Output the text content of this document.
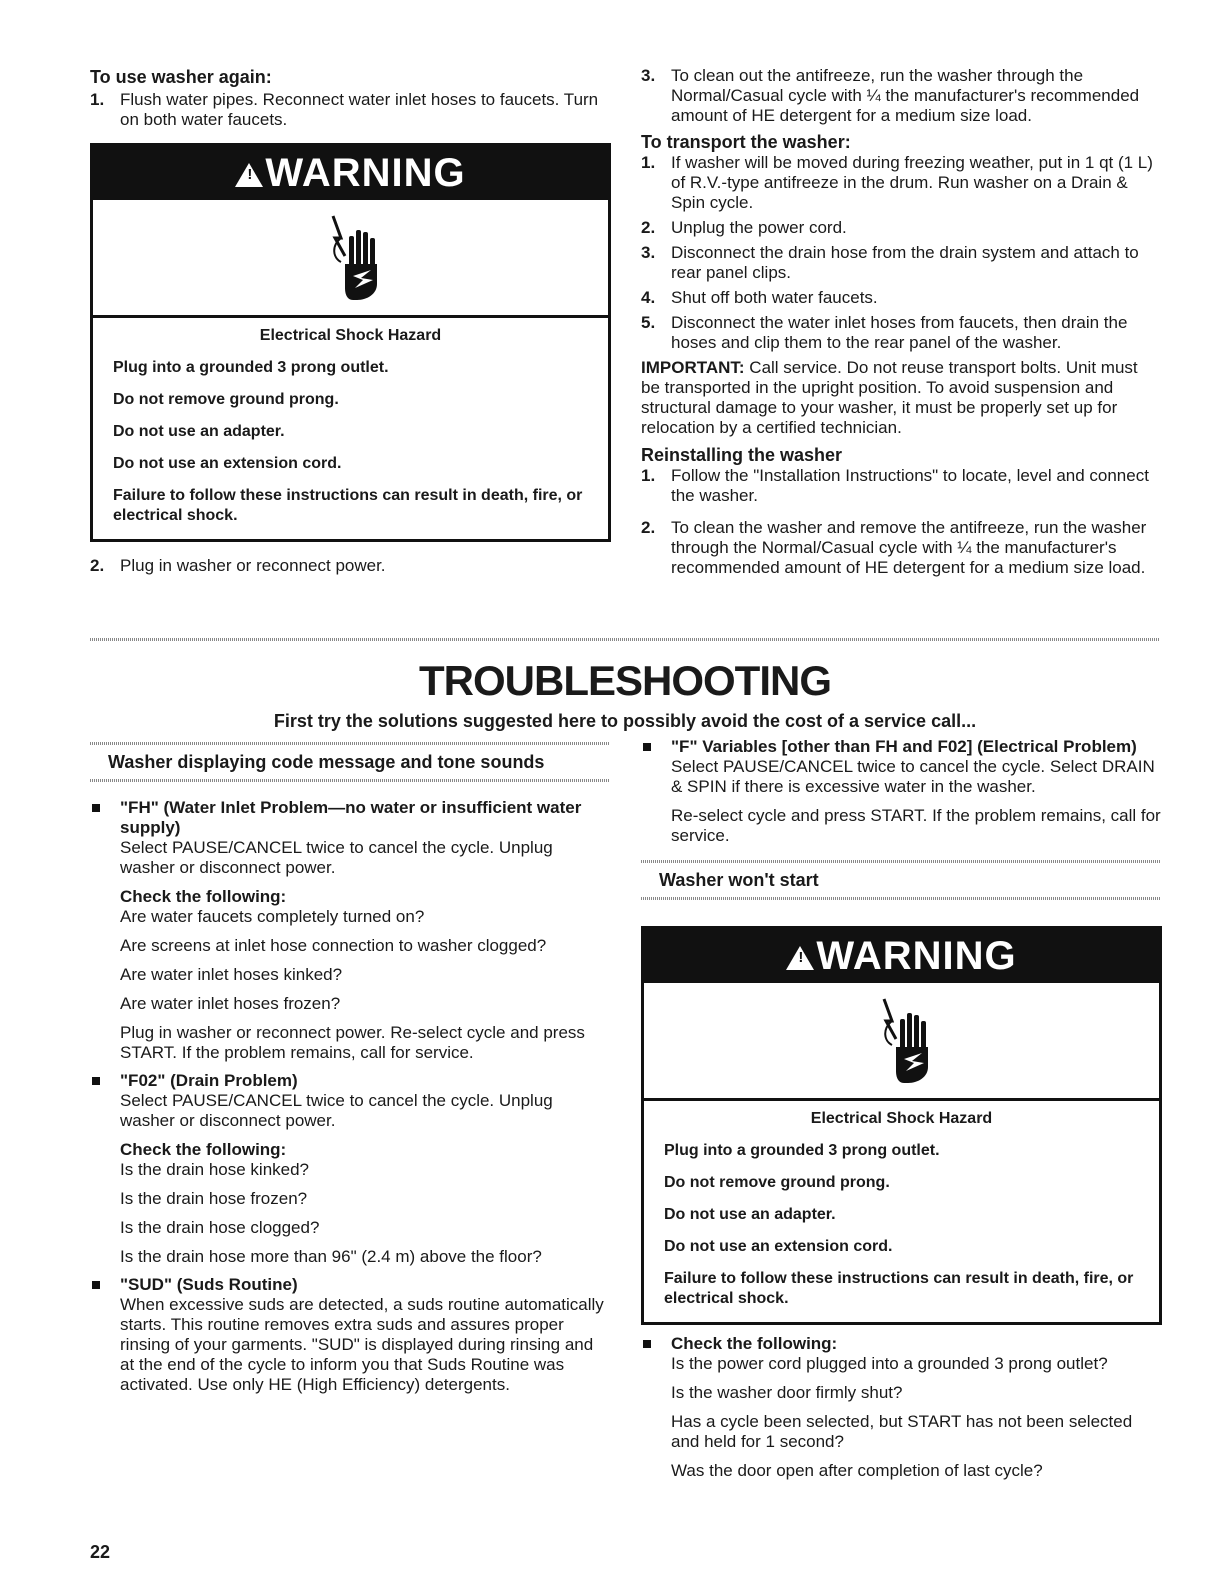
To use washer again:
1. Flush water pipes. Reconnect water inlet hoses to faucets. Turn on both water faucets.
! WARNING

Electrical Shock Hazard

Plug into a grounded 3 prong outlet.

Do not remove ground prong.

Do not use an adapter.

Do not use an extension cord.

Failure to follow these instructions can result in death, fire, or electrical shock.

2. Plug in washer or reconnect power.
3. To clean out the antifreeze, run the washer through the Normal/Casual cycle with ¼ the manufacturer's recommended amount of HE detergent for a medium size load.
To transport the washer:
1. If washer will be moved during freezing weather, put in 1 qt (1 L) of R.V.-type antifreeze in the drum. Run washer on a Drain & Spin cycle.
2. Unplug the power cord.
3. Disconnect the drain hose from the drain system and attach to rear panel clips.
4. Shut off both water faucets.
5. Disconnect the water inlet hoses from faucets, then drain the hoses and clip them to the rear panel of the washer.

IMPORTANT: Call service. Do not reuse transport bolts. Unit must be transported in the upright position. To avoid suspension and structural damage to your washer, it must be properly set up for relocation by a certified technician.

Reinstalling the washer
1. Follow the "Installation Instructions" to locate, level and connect the washer.
2. To clean the washer and remove the antifreeze, run the washer through the Normal/Casual cycle with ¼ the manufacturer's recommended amount of HE detergent for a medium size load.
TROUBLESHOOTING
First try the solutions suggested here to possibly avoid the cost of a service call...
Washer displaying code message and tone sounds

"FH" (Water Inlet Problem—no water or insufficient water supply)

Select PAUSE/CANCEL twice to cancel the cycle. Unplug washer or disconnect power.

Check the following:

Are water faucets completely turned on?

Are screens at inlet hose connection to washer clogged?

Are water inlet hoses kinked?

Are water inlet hoses frozen?

Plug in washer or reconnect power. Re-select cycle and press START. If the problem remains, call for service.

"F02" (Drain Problem)

Select PAUSE/CANCEL twice to cancel the cycle. Unplug washer or disconnect power.

Check the following:

Is the drain hose kinked?

Is the drain hose frozen?

Is the drain hose clogged?

Is the drain hose more than 96" (2.4 m) above the floor?

"SUD" (Suds Routine)

When excessive suds are detected, a suds routine automatically starts. This routine removes extra suds and assures proper rinsing of your garments. "SUD" is displayed during rinsing and at the end of the cycle to inform you that Suds Routine was activated. Use only HE (High Efficiency) detergents.

"F" Variables [other than FH and F02] (Electrical Problem)

Select PAUSE/CANCEL twice to cancel the cycle. Select DRAIN & SPIN if there is excessive water in the washer.

Re-select cycle and press START. If the problem remains, call for service.

Washer won't start
! WARNING

Electrical Shock Hazard

Plug into a grounded 3 prong outlet.

Do not remove ground prong.

Do not use an adapter.

Do not use an extension cord.

Failure to follow these instructions can result in death, fire, or electrical shock.

Check the following:

Is the power cord plugged into a grounded 3 prong outlet?

Is the washer door firmly shut?

Has a cycle been selected, but START has not been selected and held for 1 second?

Was the door open after completion of last cycle?

22
